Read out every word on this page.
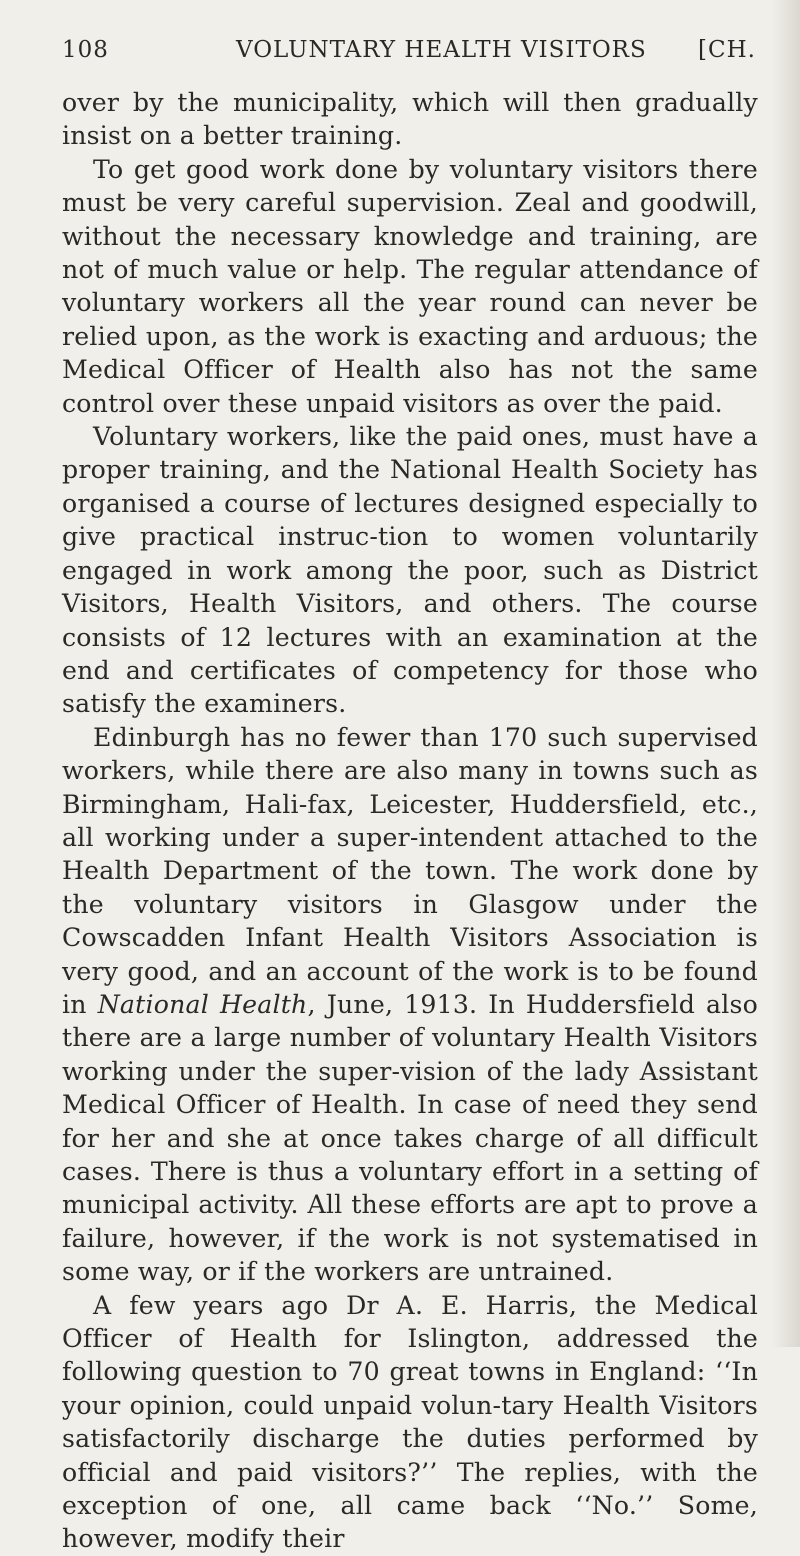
108	VOLUNTARY HEALTH VISITORS [CH.

over by the municipality, which will then gradually insist on a better training.

To get good work done by voluntary visitors there must be very careful supervision. Zeal and goodwill, without the necessary knowledge and training, are not of much value or help. The regular attendance of voluntary workers all the year round can never be relied upon, as the work is exacting and arduous; the Medical Officer of Health also has not the same control over these unpaid visitors as over the paid.

Voluntary workers, like the paid ones, must have a proper training, and the National Health Society has organised a course of lectures designed especially to give practical instruc-tion to women voluntarily engaged in work among the poor, such as District Visitors, Health Visitors, and others. The course consists of 12 lectures with an examination at the end and certificates of competency for those who satisfy the examiners.

Edinburgh has no fewer than 170 such supervised workers, while there are also many in towns such as Birmingham, Hali-fax, Leicester, Huddersfield, etc., all working under a super-intendent attached to the Health Department of the town. The work done by the voluntary visitors in Glasgow under the Cowscadden Infant Health Visitors Association is very good, and an account of the work is to be found in National Health, June, 1913. In Huddersfield also there are a large number of voluntary Health Visitors working under the super-vision of the lady Assistant Medical Officer of Health. In case of need they send for her and she at once takes charge of all difficult cases. There is thus a voluntary effort in a setting of municipal activity. All these efforts are apt to prove a failure, however, if the work is not systematised in some way, or if the workers are untrained.

A few years ago Dr A. E. Harris, the Medical Officer of Health for Islington, addressed the following question to 70 great towns in England: ‘‘In your opinion, could unpaid volun-tary Health Visitors satisfactorily discharge the duties performed by official and paid visitors?’’ The replies, with the exception of one, all came back ‘‘No.’’ Some, however, modify their
